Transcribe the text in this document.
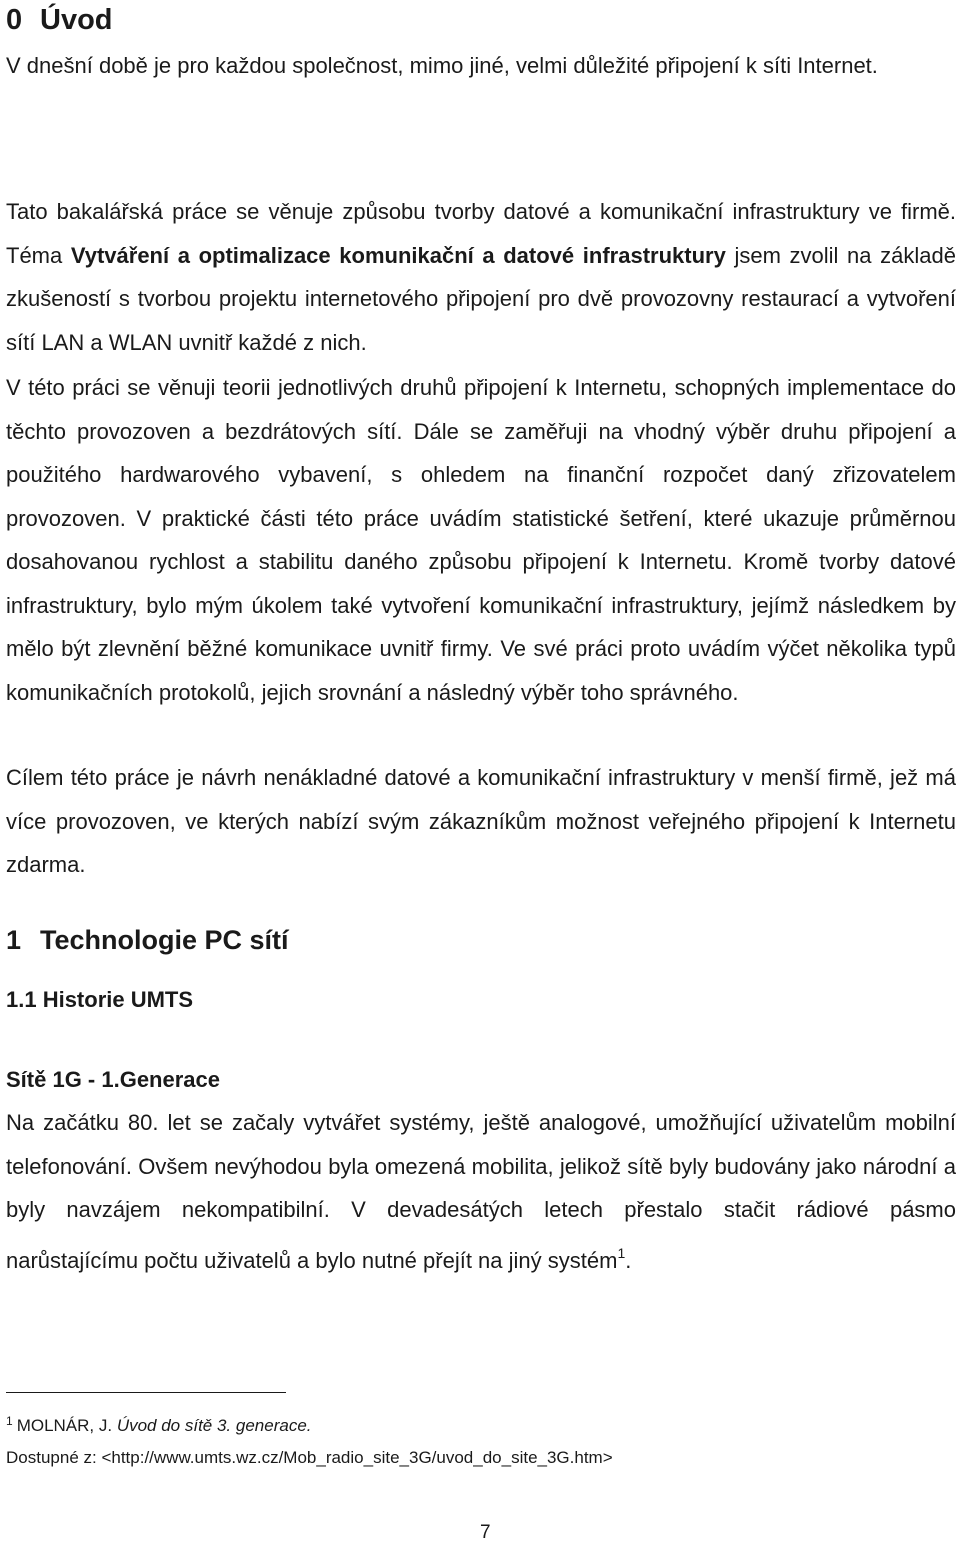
0 Úvod

V dnešní době je pro každou společnost, mimo jiné, velmi důležité připojení k síti Internet.

Tato bakalářská práce se věnuje způsobu tvorby datové a komunikační infrastruktury ve firmě. Téma Vytváření a optimalizace komunikační a datové infrastruktury jsem zvolil na základě zkušeností s tvorbou projektu internetového připojení pro dvě provozovny restaurací a vytvoření sítí LAN a WLAN uvnitř každé z nich.

V této práci se věnuji teorii jednotlivých druhů připojení k Internetu, schopných implementace do těchto provozoven a bezdrátových sítí. Dále se zaměřuji na vhodný výběr druhu připojení a použitého hardwarového vybavení, s ohledem na finanční rozpočet daný zřizovatelem provozoven. V praktické části této práce uvádím statistické šetření, které ukazuje průměrnou dosahovanou rychlost a stabilitu daného způsobu připojení k Internetu. Kromě tvorby datové infrastruktury, bylo mým úkolem také vytvoření komunikační infrastruktury, jejímž následkem by mělo být zlevnění běžné komunikace uvnitř firmy. Ve své práci proto uvádím výčet několika typů komunikačních protokolů, jejich srovnání a následný výběr toho správného.

Cílem této práce je návrh nenákladné datové a komunikační infrastruktury v menší firmě, jež má více provozoven, ve kterých nabízí svým zákazníkům možnost veřejného připojení k Internetu zdarma.

1 Technologie PC sítí
1.1 Historie UMTS
Sítě 1G - 1.Generace

Na začátku 80. let se začaly vytvářet systémy, ještě analogové, umožňující uživatelům mobilní telefonování. Ovšem nevýhodou byla omezená mobilita, jelikož sítě byly budovány jako národní a byly navzájem nekompatibilní. V devadesátých letech přestalo stačit rádiové pásmo narůstajícímu počtu uživatelů a bylo nutné přejít na jiný systém$^1$.

$^1$ MOLNÁR, J. Úvod do sítě 3. generace.

Dostupné z: <http://www.umts.wz.cz/Mob_radio_site_3G/uvod_do_site_3G.htm>

7
